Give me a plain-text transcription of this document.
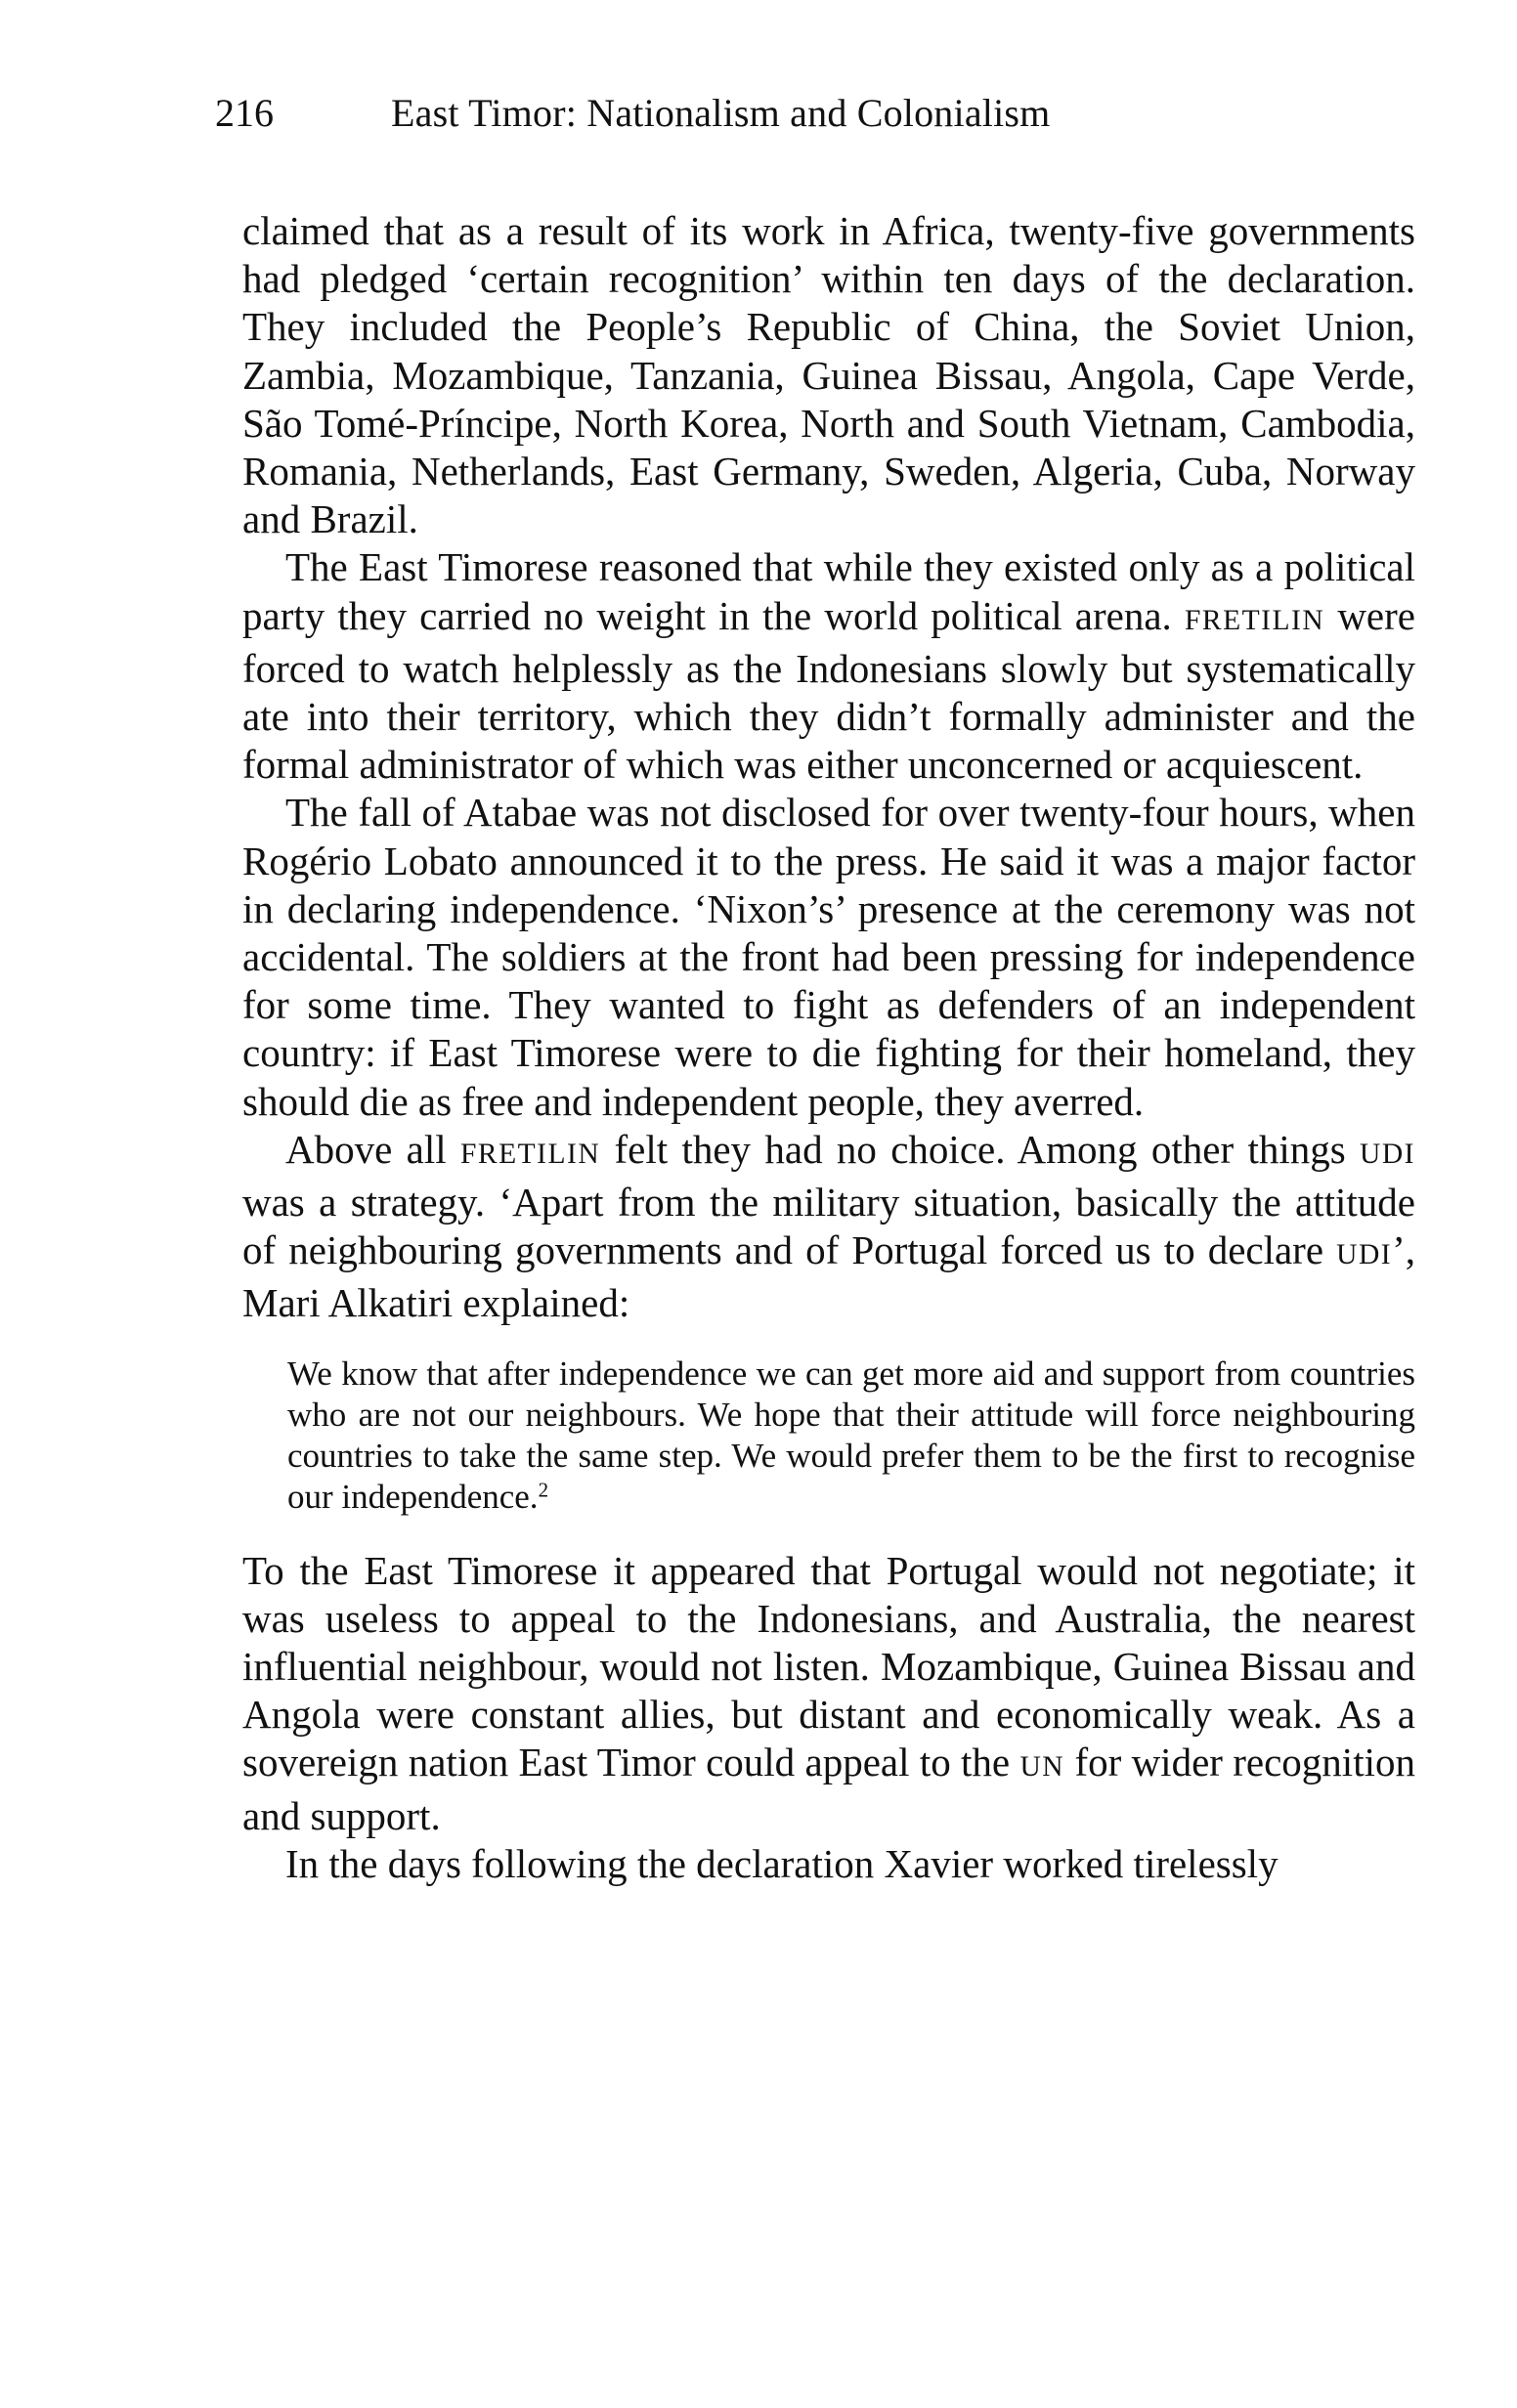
216	East Timor: Nationalism and Colonialism

claimed that as a result of its work in Africa, twenty-five governments had pledged ‘certain recognition’ within ten days of the declaration. They included the People’s Republic of China, the Soviet Union, Zambia, Mozambique, Tanzania, Guinea Bissau, Angola, Cape Verde, São Tomé-Príncipe, North Korea, North and South Vietnam, Cambodia, Romania, Netherlands, East Germany, Sweden, Algeria, Cuba, Norway and Brazil.

The East Timorese reasoned that while they existed only as a political party they carried no weight in the world political arena. FRETILIN were forced to watch helplessly as the Indonesians slowly but systematically ate into their territory, which they didn’t formally administer and the formal administrator of which was either unconcerned or acquiescent.

The fall of Atabae was not disclosed for over twenty-four hours, when Rogério Lobato announced it to the press. He said it was a major factor in declaring independence. ‘Nixon’s’ presence at the ceremony was not accidental. The soldiers at the front had been pressing for independence for some time. They wanted to fight as defenders of an independent country: if East Timorese were to die fighting for their homeland, they should die as free and independent people, they averred.

Above all FRETILIN felt they had no choice. Among other things UDI was a strategy. ‘Apart from the military situation, basically the attitude of neighbouring governments and of Portugal forced us to declare UDI’, Mari Alkatiri explained:

We know that after independence we can get more aid and support from countries who are not our neighbours. We hope that their attitude will force neighbouring countries to take the same step. We would prefer them to be the first to recognise our independence.$^2$

To the East Timorese it appeared that Portugal would not negotiate; it was useless to appeal to the Indonesians, and Australia, the nearest influential neighbour, would not listen. Mozambique, Guinea Bissau and Angola were constant allies, but distant and economically weak. As a sovereign nation East Timor could appeal to the UN for wider recognition and support.

In the days following the declaration Xavier worked tirelessly
